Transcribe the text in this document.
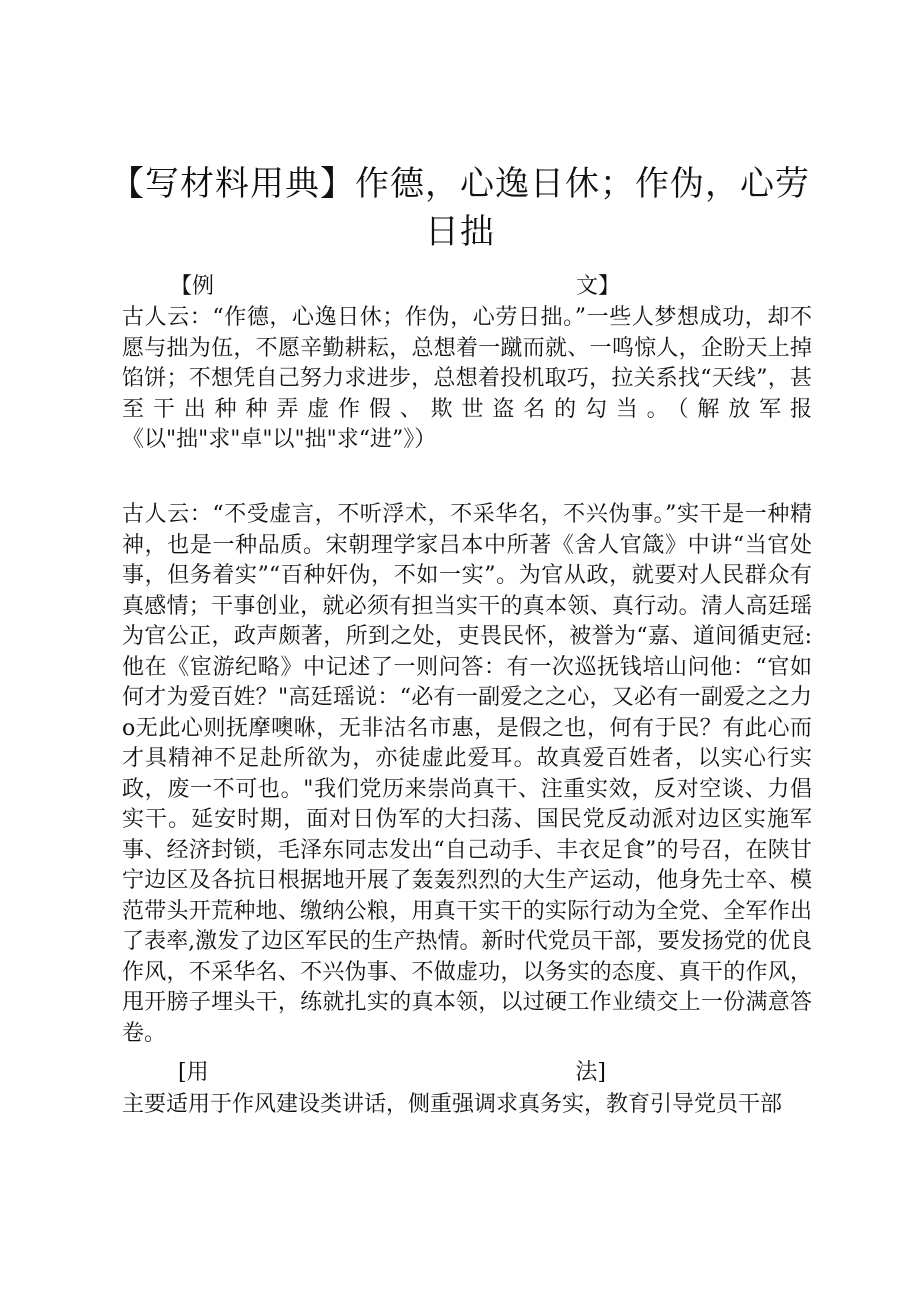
【写材料用典】作德，心逸日休；作伪，心劳日拙
【例	文】
古人云：“作德，心逸日休；作伪，心劳日拙。”一些人梦想成功，却不愿与拙为伍，不愿辛勤耕耘，总想着一蹴而就、一鸣惊人，企盼天上掉馅饼；不想凭自己努力求进步，总想着投机取巧，拉关系找“天线”，甚至干出种种弄虚作假、欺世盗名的勾当。（解放军报《以"拙"求"卓"以"拙"求“进”》）
古人云：“不受虚言，不听浮术，不采华名，不兴伪事。”实干是一种精神，也是一种品质。宋朝理学家吕本中所著《舍人官箴》中讲“当官处事，但务着实”“百种奸伪，不如一实”。为官从政，就要对人民群众有真感情；干事创业，就必须有担当实干的真本领、真行动。清人高廷瑶为官公正，政声颇著，所到之处，吏畏民怀，被誉为“嘉、道间循吏冠:他在《宦游纪略》中记述了一则问答：有一次巡抚钱培山问他：“官如何才为爱百姓？"高廷瑶说：“必有一副爱之之心，又必有一副爱之之力o无此心则抚摩噢咻，无非沽名市惠，是假之也，何有于民？有此心而才具精神不足赴所欲为，亦徒虚此爱耳。故真爱百姓者，以实心行实政，废一不可也。"我们党历来崇尚真干、注重实效，反对空谈、力倡实干。延安时期，面对日伪军的大扫荡、国民党反动派对边区实施军事、经济封锁，毛泽东同志发出“自己动手、丰衣足食”的号召，在陕甘宁边区及各抗日根据地开展了轰轰烈烈的大生产运动，他身先士卒、模范带头开荒种地、缴纳公粮，用真干实干的实际行动为全党、全军作出了表率,激发了边区军民的生产热情。新时代党员干部，要发扬党的优良作风，不采华名、不兴伪事、不做虚功，以务实的态度、真干的作风，甩开膀子埋头干，练就扎实的真本领，以过硬工作业绩交上一份满意答卷。
[用	法]
主要适用于作风建设类讲话，侧重强调求真务实，教育引导党员干部
